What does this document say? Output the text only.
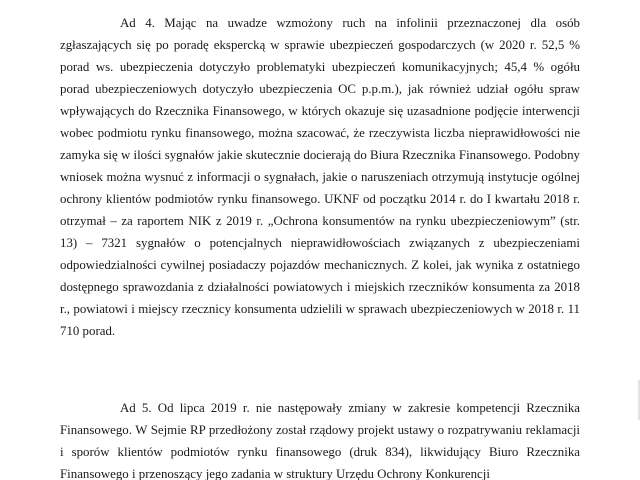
Ad 4. Mając na uwadze wzmożony ruch na infolinii przeznaczonej dla osób zgłaszających się po poradę ekspercką w sprawie ubezpieczeń gospodarczych (w 2020 r. 52,5 % porad ws. ubezpieczenia dotyczyło problematyki ubezpieczeń komunikacyjnych; 45,4 % ogółu porad ubezpieczeniowych dotyczyło ubezpieczenia OC p.p.m.), jak również udział ogółu spraw wpływających do Rzecznika Finansowego, w których okazuje się uzasadnione podjęcie interwencji wobec podmiotu rynku finansowego, można szacować, że rzeczywista liczba nieprawidłowości nie zamyka się w ilości sygnałów jakie skutecznie docierają do Biura Rzecznika Finansowego. Podobny wniosek można wysnuć z informacji o sygnałach, jakie o naruszeniach otrzymują instytucje ogólnej ochrony klientów podmiotów rynku finansowego. UKNF od początku 2014 r. do I kwartału 2018 r. otrzymał – za raportem NIK z 2019 r. „Ochrona konsumentów na rynku ubezpieczeniowym” (str. 13) – 7321 sygnałów o potencjalnych nieprawidłowościach związanych z ubezpieczeniami odpowiedzialności cywilnej posiadaczy pojazdów mechanicznych. Z kolei, jak wynika z ostatniego dostępnego sprawozdania z działalności powiatowych i miejskich rzeczników konsumenta za 2018 r., powiatowi i miejscy rzecznicy konsumenta udzielili w sprawach ubezpieczeniowych w 2018 r. 11 710 porad.

Ad 5. Od lipca 2019 r. nie następowały zmiany w zakresie kompetencji Rzecznika Finansowego. W Sejmie RP przedłożony został rządowy projekt ustawy o rozpatrywaniu reklamacji i sporów klientów podmiotów rynku finansowego (druk 834), likwidujący Biuro Rzecznika Finansowego i przenoszący jego zadania w struktury Urzędu Ochrony Konkurencji
